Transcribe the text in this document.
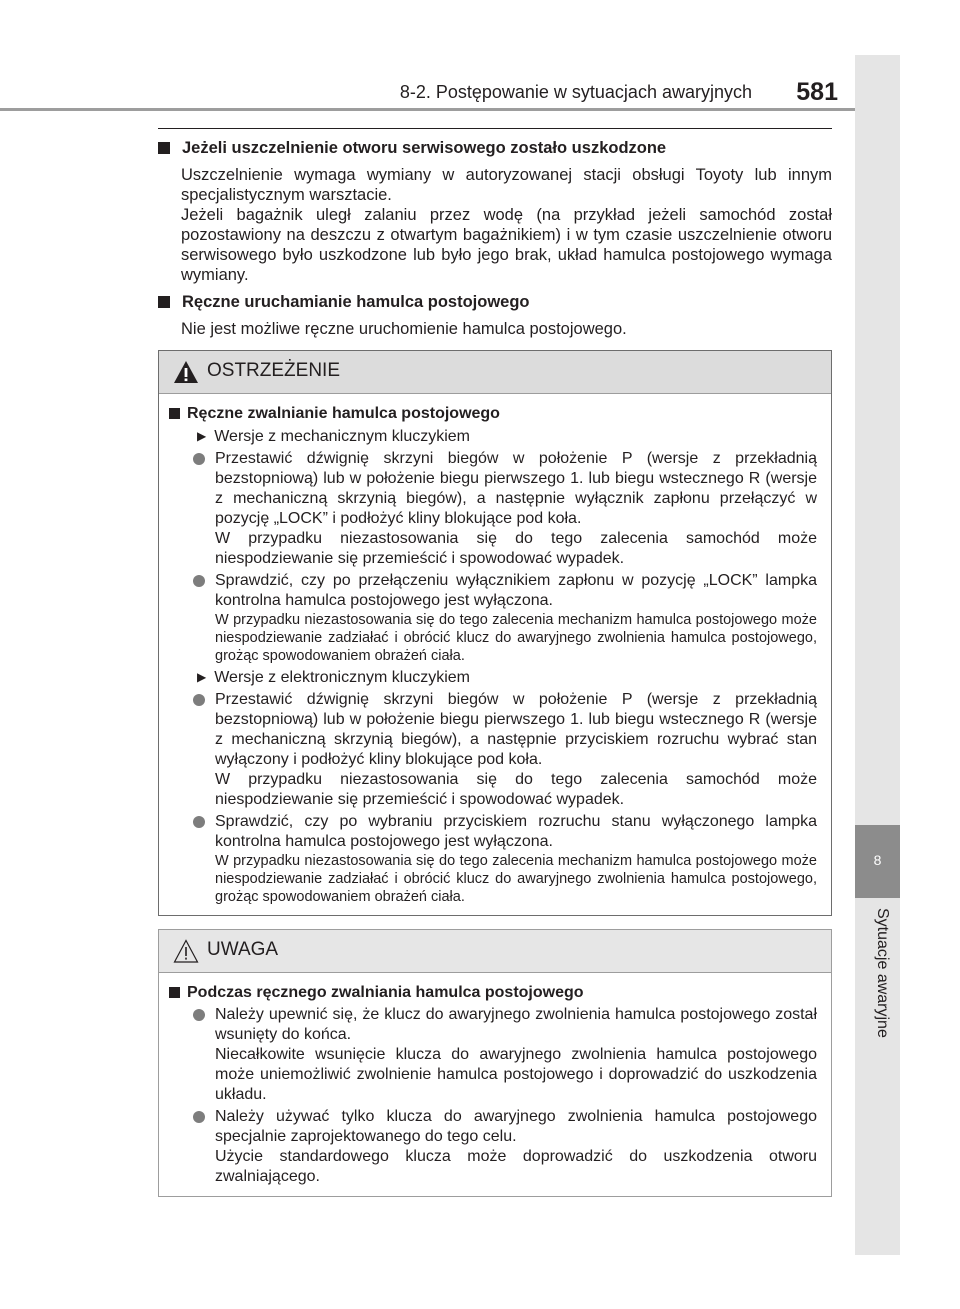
8-2. Postępowanie w sytuacjach awaryjnych 581
8
Sytuacje awaryjne
Jeżeli uszczelnienie otworu serwisowego zostało uszkodzone
Uszczelnienie wymaga wymiany w autoryzowanej stacji obsługi Toyoty lub innym specjalistycznym warsztacie.
Jeżeli bagażnik uległ zalaniu przez wodę (na przykład jeżeli samochód został pozostawiony na deszczu z otwartym bagażnikiem) i w tym czasie uszczelnienie otworu serwisowego było uszkodzone lub było jego brak, układ hamulca postojowego wymaga wymiany.
Ręczne uruchamianie hamulca postojowego
Nie jest możliwe ręczne uruchomienie hamulca postojowego.
OSTRZEŻENIE
Ręczne zwalnianie hamulca postojowego
▶ Wersje z mechanicznym kluczykiem
Przestawić dźwignię skrzyni biegów w położenie P (wersje z przekładnią bezstopniową) lub w położenie biegu pierwszego 1. lub biegu wstecznego R (wersje z mechaniczną skrzynią biegów), a następnie wyłącznik zapłonu przełączyć w pozycję „LOCK” i podłożyć kliny blokujące pod koła.
W przypadku niezastosowania się do tego zalecenia samochód może niespodziewanie się przemieścić i spowodować wypadek.
Sprawdzić, czy po przełączeniu wyłącznikiem zapłonu w pozycję „LOCK” lampka kontrolna hamulca postojowego jest wyłączona.
W przypadku niezastosowania się do tego zalecenia mechanizm hamulca postojowego może niespodziewanie zadziałać i obrócić klucz do awaryjnego zwolnienia hamulca postojowego, grożąc spowodowaniem obrażeń ciała.
▶ Wersje z elektronicznym kluczykiem
Przestawić dźwignię skrzyni biegów w położenie P (wersje z przekładnią bezstopniową) lub w położenie biegu pierwszego 1. lub biegu wstecznego R (wersje z mechaniczną skrzynią biegów), a następnie przyciskiem rozruchu wybrać stan wyłączony i podłożyć kliny blokujące pod koła.
W przypadku niezastosowania się do tego zalecenia samochód może niespodziewanie się przemieścić i spowodować wypadek.
Sprawdzić, czy po wybraniu przyciskiem rozruchu stanu wyłączonego lampka kontrolna hamulca postojowego jest wyłączona.
W przypadku niezastosowania się do tego zalecenia mechanizm hamulca postojowego może niespodziewanie zadziałać i obrócić klucz do awaryjnego zwolnienia hamulca postojowego, grożąc spowodowaniem obrażeń ciała.
UWAGA
Podczas ręcznego zwalniania hamulca postojowego
Należy upewnić się, że klucz do awaryjnego zwolnienia hamulca postojowego został wsunięty do końca.
Niecałkowite wsunięcie klucza do awaryjnego zwolnienia hamulca postojowego może uniemożliwić zwolnienie hamulca postojowego i doprowadzić do uszkodzenia układu.
Należy używać tylko klucza do awaryjnego zwolnienia hamulca postojowego specjalnie zaprojektowanego do tego celu.
Użycie standardowego klucza może doprowadzić do uszkodzenia otworu zwalniającego.
